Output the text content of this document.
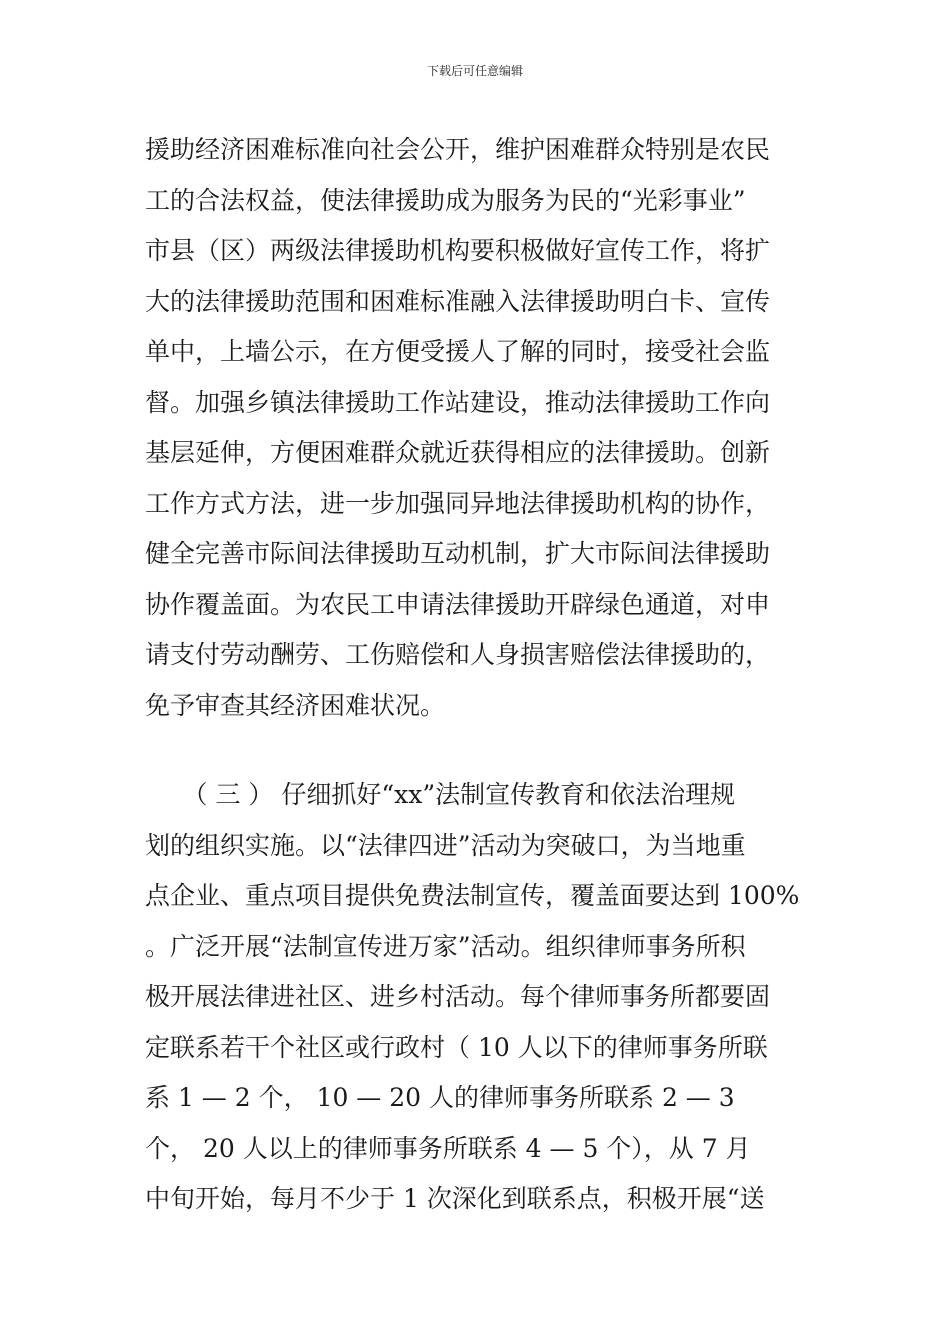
下载后可任意编辑
援助经济困难标准向社会公开，维护困难群众特别是农民
工的合法权益，使法律援助成为服务为民的“光彩事业”
市县（区）两级法律援助机构要积极做好宣传工作，将扩
大的法律援助范围和困难标准融入法律援助明白卡、宣传
单中，上墙公示，在方便受援人了解的同时，接受社会监
督。加强乡镇法律援助工作站建设，推动法律援助工作向
基层延伸，方便困难群众就近获得相应的法律援助。创新
工作方式方法，进一步加强同异地法律援助机构的协作，
健全完善市际间法律援助互动机制，扩大市际间法律援助
协作覆盖面。为农民工申请法律援助开辟绿色通道，对申
请支付劳动酬劳、工伤赔偿和人身损害赔偿法律援助的，
免予审查其经济困难状况。
　　（ 三 ） 仔细抓好“xx”法制宣传教育和依法治理规
划的组织实施。以“法律四进”活动为突破口，为当地重
点企业、重点项目提供免费法制宣传，覆盖面要达到 100%
。广泛开展“法制宣传进万家”活动。组织律师事务所积
极开展法律进社区、进乡村活动。每个律师事务所都要固
定联系若干个社区或行政村（ 10 人以下的律师事务所联
系 1 — 2 个， 10 — 20 人的律师事务所联系 2 — 3
个， 20 人以上的律师事务所联系 4 — 5 个），从 7 月
中旬开始，每月不少于 1 次深化到联系点，积极开展“送
